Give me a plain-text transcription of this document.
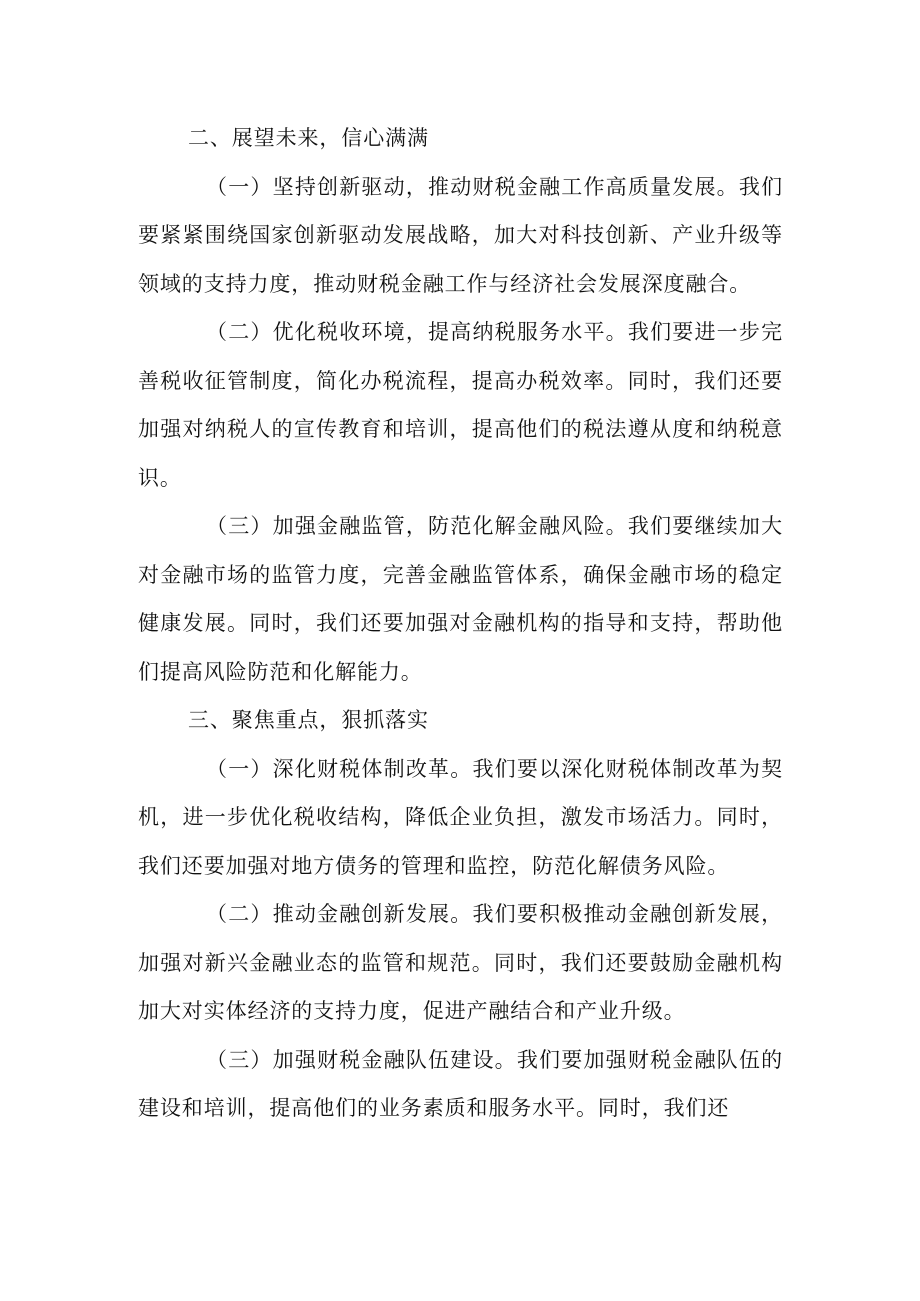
二、展望未来，信心满满

（一）坚持创新驱动，推动财税金融工作高质量发展。我们要紧紧围绕国家创新驱动发展战略，加大对科技创新、产业升级等领域的支持力度，推动财税金融工作与经济社会发展深度融合。

（二）优化税收环境，提高纳税服务水平。我们要进一步完善税收征管制度，简化办税流程，提高办税效率。同时，我们还要加强对纳税人的宣传教育和培训，提高他们的税法遵从度和纳税意识。

（三）加强金融监管，防范化解金融风险。我们要继续加大对金融市场的监管力度，完善金融监管体系，确保金融市场的稳定健康发展。同时，我们还要加强对金融机构的指导和支持，帮助他们提高风险防范和化解能力。

三、聚焦重点，狠抓落实

（一）深化财税体制改革。我们要以深化财税体制改革为契机，进一步优化税收结构，降低企业负担，激发市场活力。同时，我们还要加强对地方债务的管理和监控，防范化解债务风险。

（二）推动金融创新发展。我们要积极推动金融创新发展，加强对新兴金融业态的监管和规范。同时，我们还要鼓励金融机构加大对实体经济的支持力度，促进产融结合和产业升级。

（三）加强财税金融队伍建设。我们要加强财税金融队伍的建设和培训，提高他们的业务素质和服务水平。同时，我们还
